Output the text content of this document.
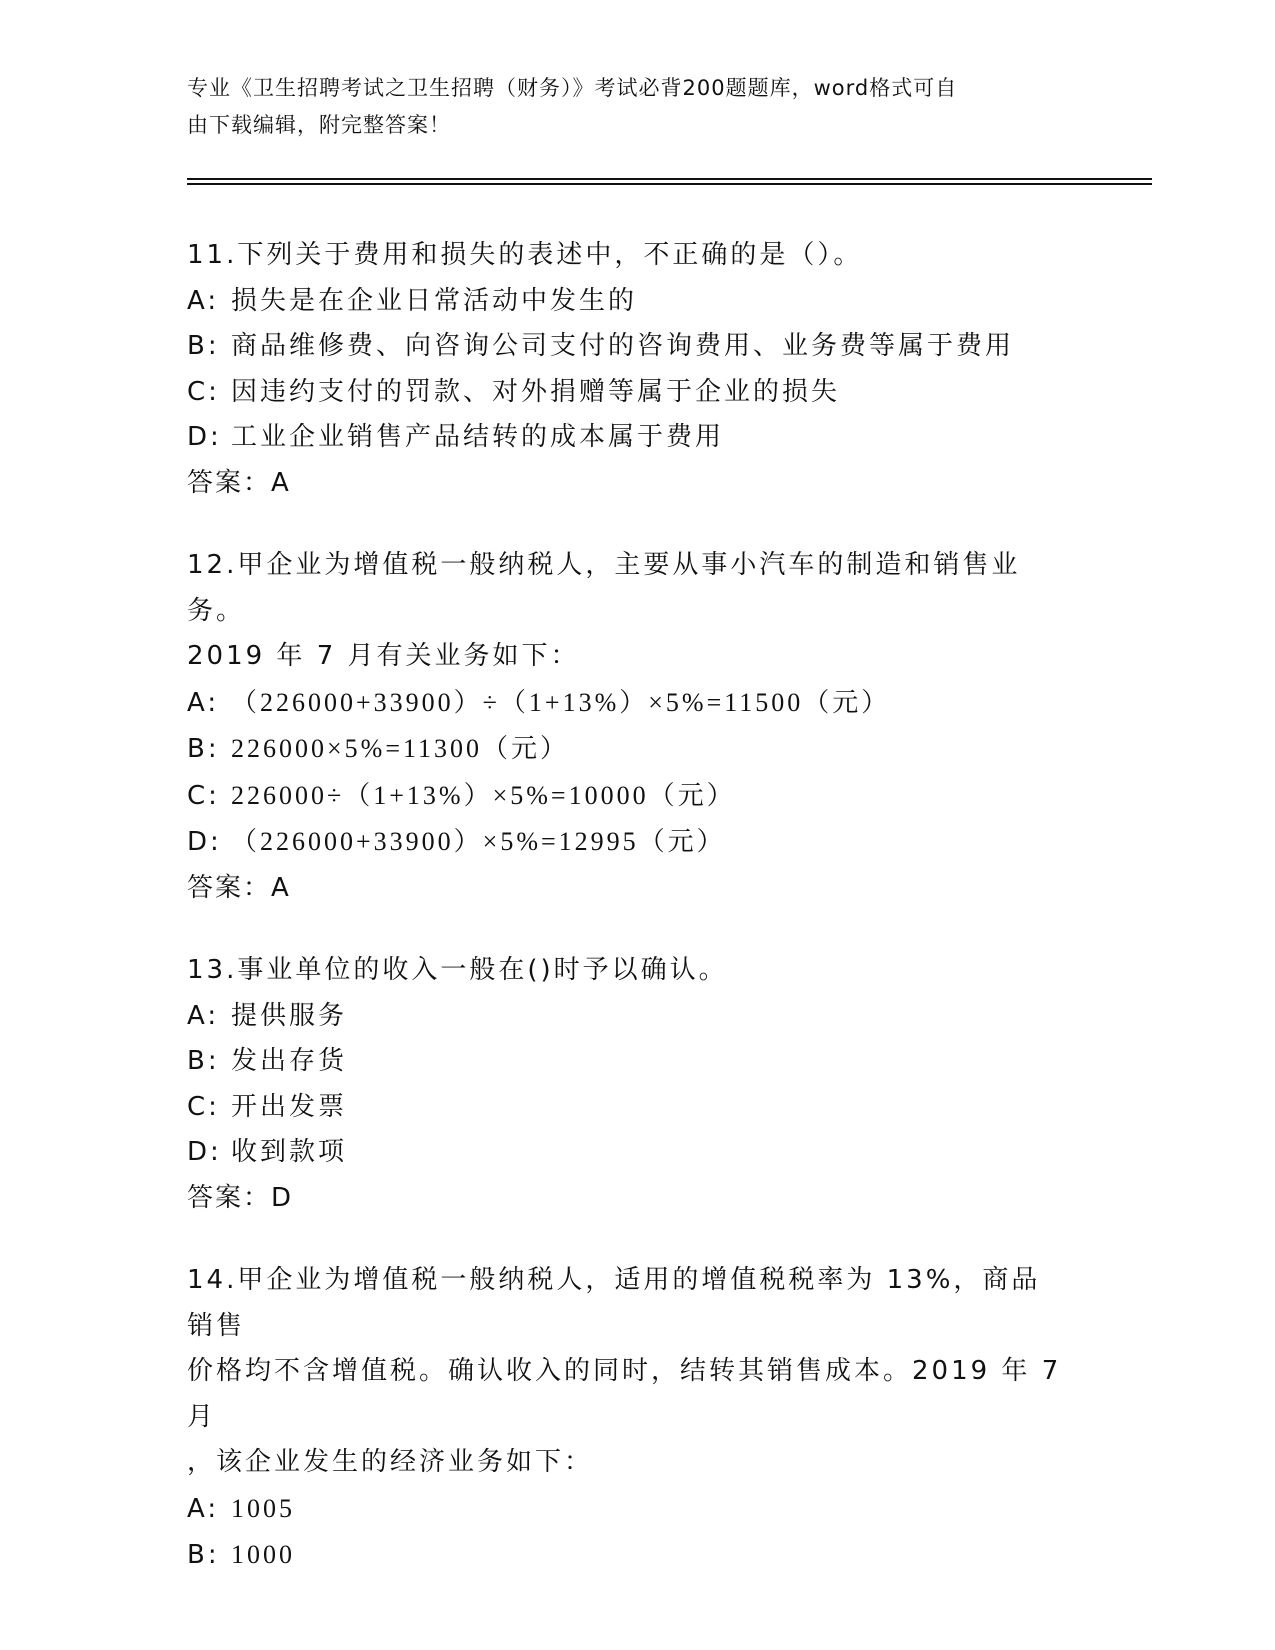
专业《卫生招聘考试之卫生招聘（财务）》考试必背200题题库，word格式可自
由下载编辑，附完整答案！
11.下列关于费用和损失的表述中，不正确的是（）。
A: 损失是在企业日常活动中发生的
B: 商品维修费、向咨询公司支付的咨询费用、业务费等属于费用
C: 因违约支付的罚款、对外捐赠等属于企业的损失
D: 工业企业销售产品结转的成本属于费用
答案：A
12.甲企业为增值税一般纳税人，主要从事小汽车的制造和销售业务。
2019 年 7 月有关业务如下：
A: （226000+33900）÷（1+13%）×5%=11500（元）
B: 226000×5%=11300（元）
C: 226000÷（1+13%）×5%=10000（元）
D: （226000+33900）×5%=12995（元）
答案：A
13.事业单位的收入一般在()时予以确认。
A: 提供服务
B: 发出存货
C: 开出发票
D: 收到款项
答案：D
14.甲企业为增值税一般纳税人，适用的增值税税率为 13%，商品销售
价格均不含增值税。确认收入的同时，结转其销售成本。2019 年 7 月
，该企业发生的经济业务如下：
A: 1005
B: 1000
